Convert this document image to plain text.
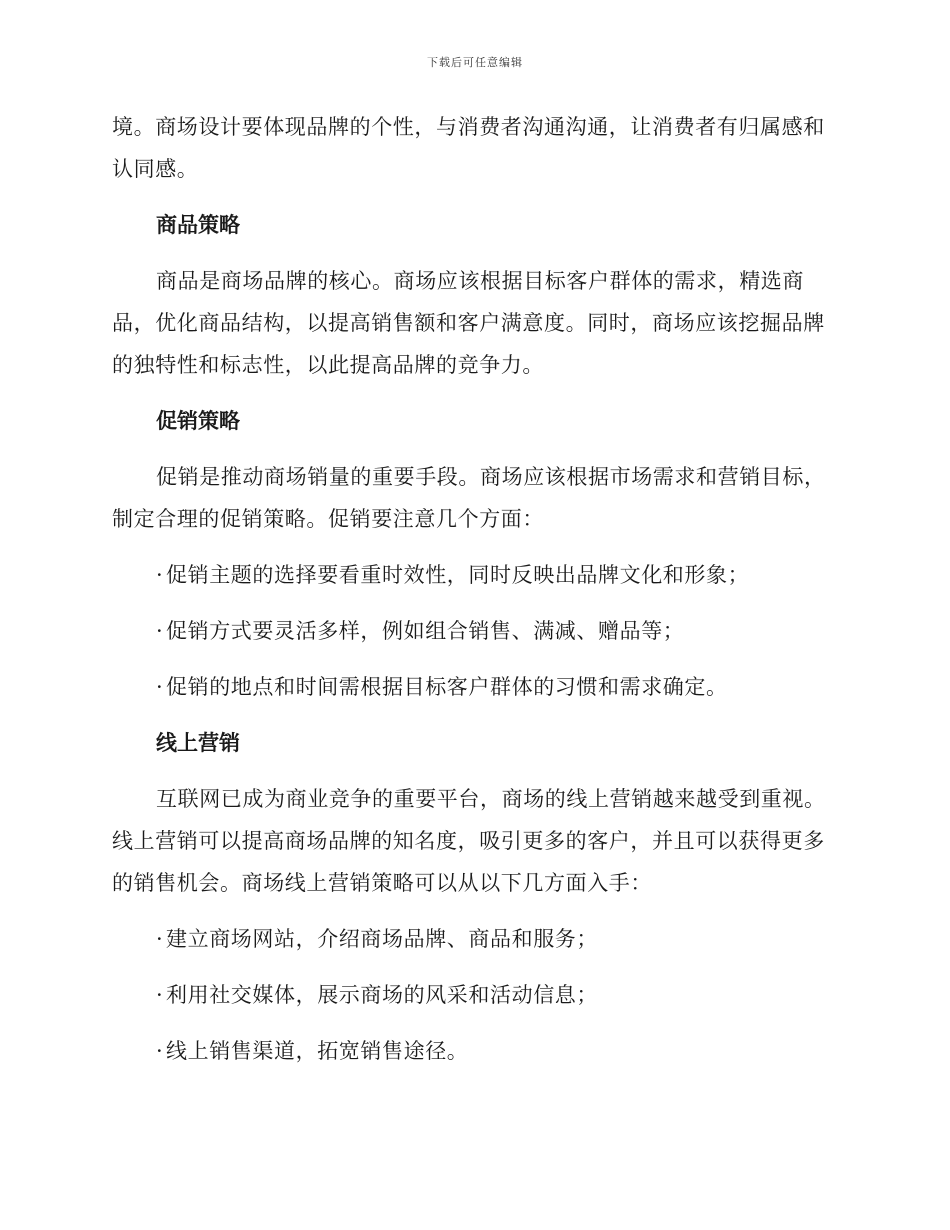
下载后可任意编辑

境。商场设计要体现品牌的个性，与消费者沟通沟通，让消费者有归属感和认同感。

商品策略

商品是商场品牌的核心。商场应该根据目标客户群体的需求，精选商品，优化商品结构，以提高销售额和客户满意度。同时，商场应该挖掘品牌的独特性和标志性，以此提高品牌的竞争力。

促销策略

促销是推动商场销量的重要手段。商场应该根据市场需求和营销目标，制定合理的促销策略。促销要注意几个方面：

· 促销主题的选择要看重时效性，同时反映出品牌文化和形象；
· 促销方式要灵活多样，例如组合销售、满减、赠品等；
· 促销的地点和时间需根据目标客户群体的习惯和需求确定。
线上营销

互联网已成为商业竞争的重要平台，商场的线上营销越来越受到重视。线上营销可以提高商场品牌的知名度，吸引更多的客户，并且可以获得更多的销售机会。商场线上营销策略可以从以下几方面入手：

· 建立商场网站，介绍商场品牌、商品和服务；
· 利用社交媒体，展示商场的风采和活动信息；
· 线上销售渠道，拓宽销售途径。
